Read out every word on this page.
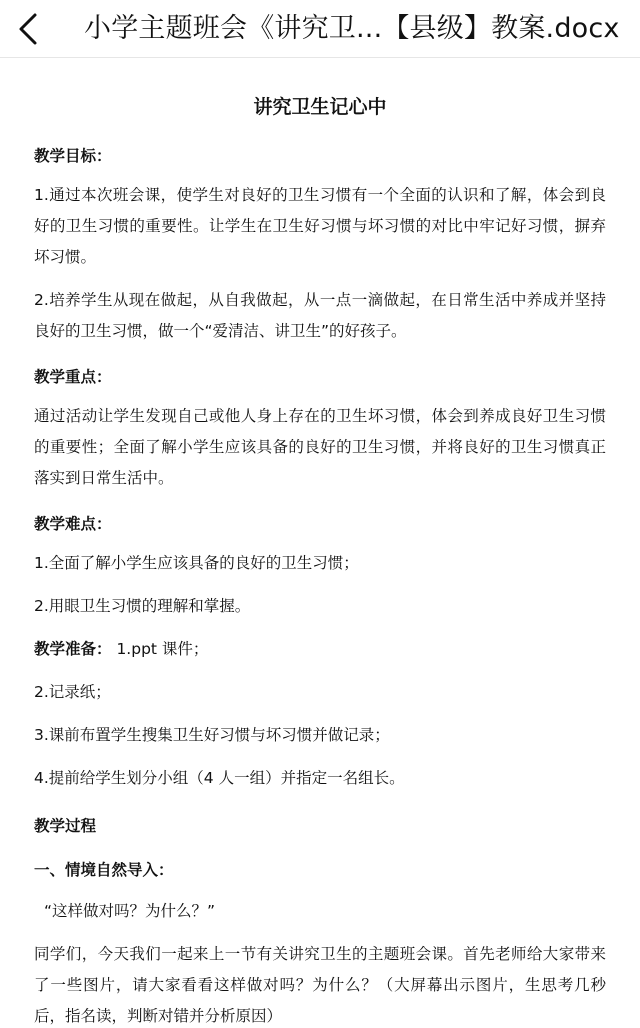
小学主题班会《讲究卫...【县级】教案.docx
讲究卫生记心中
教学目标：
1.通过本次班会课，使学生对良好的卫生习惯有一个全面的认识和了解，体会到良好的卫生习惯的重要性。让学生在卫生好习惯与坏习惯的对比中牢记好习惯，摒弃坏习惯。
2.培养学生从现在做起，从自我做起，从一点一滴做起，在日常生活中养成并坚持良好的卫生习惯，做一个“爱清洁、讲卫生”的好孩子。
教学重点：
通过活动让学生发现自己或他人身上存在的卫生坏习惯，体会到养成良好卫生习惯的重要性；全面了解小学生应该具备的良好的卫生习惯，并将良好的卫生习惯真正落实到日常生活中。
教学难点：
1.全面了解小学生应该具备的良好的卫生习惯；
2.用眼卫生习惯的理解和掌握。
教学准备： 1.ppt 课件；
2.记录纸；
3.课前布置学生搜集卫生好习惯与坏习惯并做记录；
4.提前给学生划分小组（4 人一组）并指定一名组长。
教学过程
一、情境自然导入：
“这样做对吗？为什么？”
同学们，今天我们一起来上一节有关讲究卫生的主题班会课。首先老师给大家带来了一些图片，请大家看看这样做对吗？为什么？（大屏幕出示图片，生思考几秒后，指名读，判断对错并分析原因）
